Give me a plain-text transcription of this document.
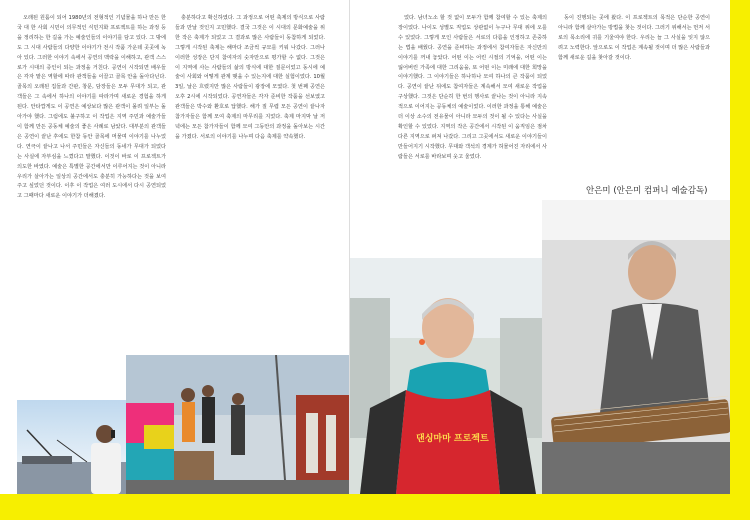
오래된 원룸이 되어 1980년의 전형적인 기념물을 하나 만든 한국 대 한 사회 시민이 의무적인 식민지화 프로젝트를 하는 과정 등을 정리하는 한 길을 가는 예술인들의 이야기를 담고 있다. 그 밖에도 그 시대 사람들의 다양한 이야기가 전시 작품 가운데 곳곳에 녹아 있다. 그러한 이야기 속에서 공연의 맥락을 이해하고, 관객 스스로가 시대의 증인이 되는 과정을 거친다. 공연이 시작되면 배우들은 각자 맡은 역할에 따라 관객들을 이끌고 골목 안을 돌아다닌다. 골목의 오래된 집들과 간판, 창문, 담장들은 모두 무대가 되고, 관객들은 그 속에서 하나의 이야기를 따라가며 새로운 경험을 하게 된다. 안타깝게도 이 공연은 예상보다 많은 관객이 몰려 일부는 돌아가야 했다. 그럼에도 불구하고 이 작업은 지역 주민과 예술가들이 함께 만든 공동체 예술의 좋은 사례로 남았다. 대부분의 관객들은 공연이 끝난 후에도 한참 동안 골목에 머물며 이야기를 나누었다. 연극이 끝나고 나서 주민들은 자신들의 동네가 무대가 되었다는 사실에 자부심을 느꼈다고 말했다. 이것이 바로 이 프로젝트가 의도한 바였다. 예술은 특별한 공간에서만 이루어지는 것이 아니라 우리가 살아가는 일상의 공간에서도 충분히 가능하다는 것을 보여주고 싶었던 것이다. 이후 이 작업은 여러 도시에서 다시 공연되었고 그때마다 새로운 이야기가 더해졌다.

충분하다고 확신하였다. 그 과정으로 어떤 축제의 방식으로 사람들과 만날 것인지 고민했다. 결국 그것은 이 시대의 문화예술을 위한 작은 축제가 되었고 그 결과로 많은 사람들이 동참하게 되었다. 그렇게 시작된 축제는 해마다 조금씩 규모를 키워 나갔다. 그러나 이러한 성장은 단지 참여자의 숫자만으로 평가할 수 없다. 그것은 이 지역에 사는 사람들의 삶의 방식에 대한 질문이었고 동시에 예술이 사회와 어떻게 관계 맺을 수 있는지에 대한 실험이었다. 10월 3일, 날은 흐렸지만 많은 사람들이 광장에 모였다. 첫 번째 공연은 오후 2시에 시작되었다. 공연자들은 각자 준비한 작품을 선보였고 관객들은 박수와 환호로 답했다. 해가 질 무렵 모든 공연이 끝나자 참가자들은 함께 모여 축제의 마무리를 지었다. 축제 마지막 날 저녁에는 모든 참가자들이 함께 모여 그동안의 과정을 돌아보는 시간을 가졌다. 서로의 이야기를 나누며 다음 축제를 약속했다.

었다. 남녀노소 할 것 없이 모두가 함께 참여할 수 있는 축제의 장이었다. 나이도 성별도 직업도 상관없이 누구나 무대 위에 오를 수 있었다. 그렇게 모인 사람들은 서로의 다름을 인정하고 존중하는 법을 배웠다. 공연을 준비하는 과정에서 참여자들은 자신만의 이야기를 꺼내 놓았다. 어떤 이는 어린 시절의 기억을, 어떤 이는 잃어버린 가족에 대한 그리움을, 또 어떤 이는 미래에 대한 희망을 이야기했다. 그 이야기들은 하나하나 모여 하나의 큰 작품이 되었다. 공연이 끝난 뒤에도 참여자들은 계속해서 모여 새로운 작업을 구상했다. 그것은 단순히 한 번의 행사로 끝나는 것이 아니라 지속적으로 이어지는 공동체의 예술이었다. 이러한 과정을 통해 예술은 더 이상 소수의 전유물이 아니라 모두의 것이 될 수 있다는 사실을 확인할 수 있었다. 지역의 작은 공간에서 시작된 이 움직임은 점차 다른 지역으로 퍼져 나갔다. 그리고 그곳에서도 새로운 이야기들이 만들어지기 시작했다. 무대와 객석의 경계가 허물어진 자리에서 사람들은 서로를 바라보며 웃고 울었다.

동이 진행되는 곳에 왔다. 이 프로젝트의 목적은 단순한 공연이 아니라 함께 살아가는 방법을 찾는 것이다. 그러기 위해서는 먼저 서로의 목소리에 귀를 기울여야 한다. 우리는 늘 그 사실을 잊지 않으려고 노력한다. 앞으로도 이 작업은 계속될 것이며 더 많은 사람들과 함께 새로운 길을 찾아갈 것이다.

안은미 (안은미 컴퍼니 예술감독)
댄싱마마 프로젝트
